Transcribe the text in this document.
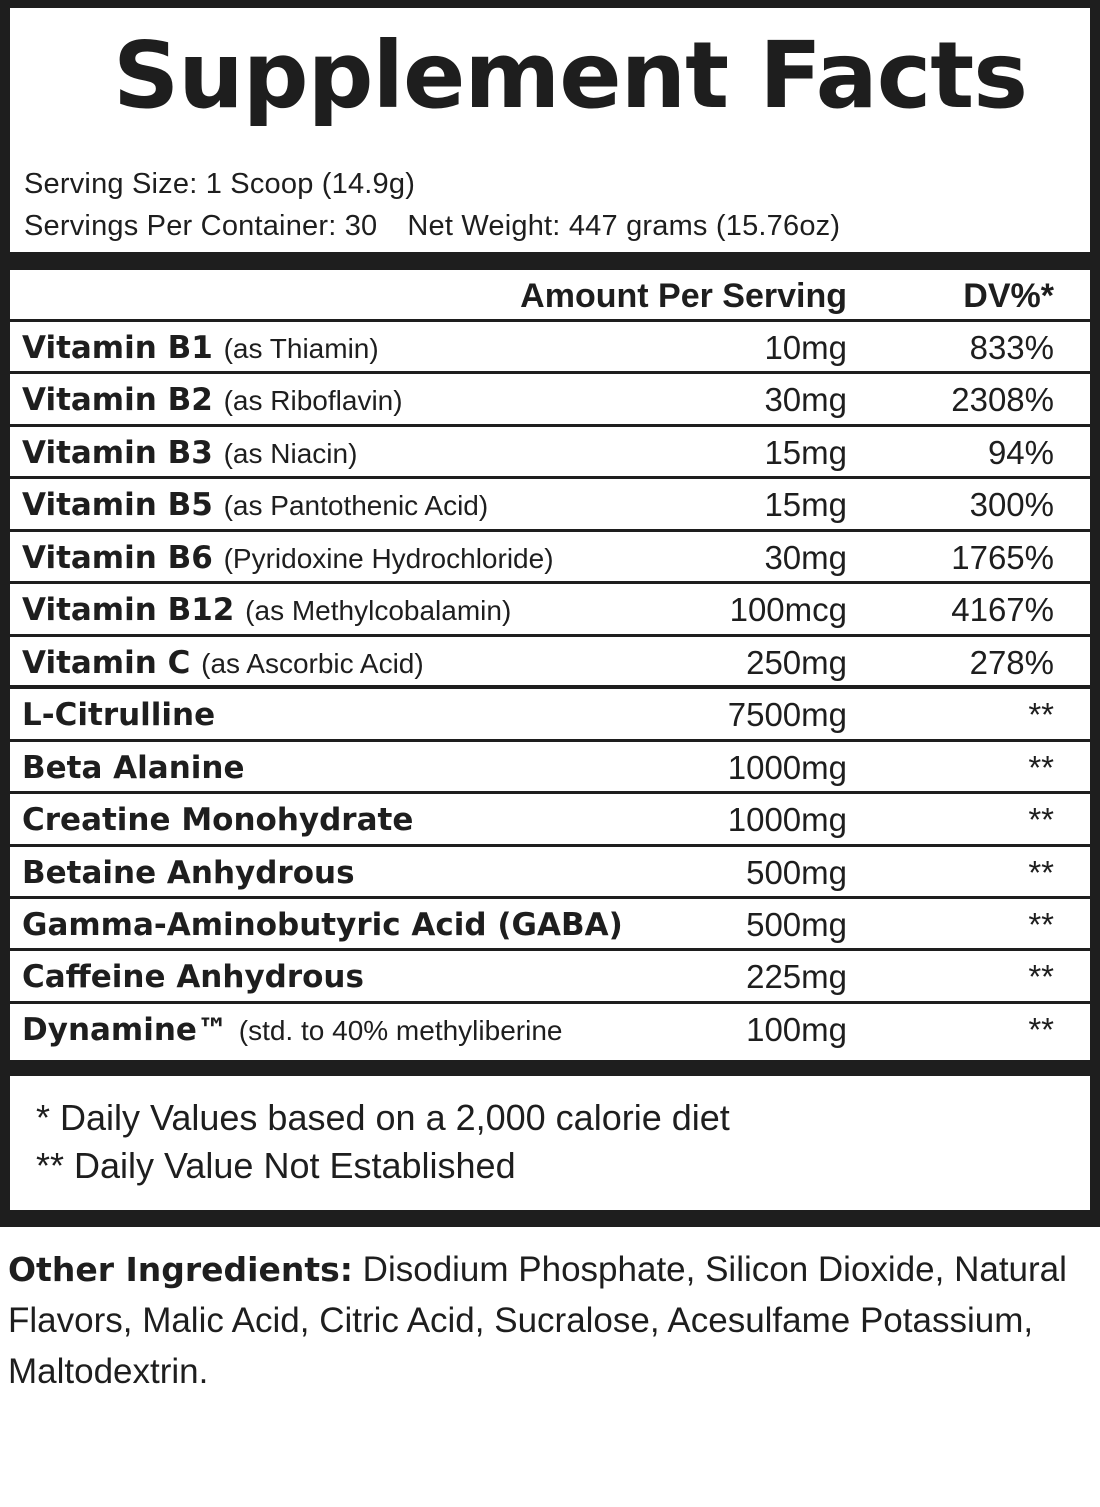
Supplement Facts
Serving Size: 1 Scoop (14.9g)
Servings Per Container: 30 Net Weight: 447 grams (15.76oz)
Amount Per Serving	DV%*
Vitamin B1 (as Thiamin)	10mg	833%
Vitamin B2 (as Riboflavin)	30mg	2308%
Vitamin B3 (as Niacin)	15mg	94%
Vitamin B5 (as Pantothenic Acid)	15mg	300%
Vitamin B6 (Pyridoxine Hydrochloride)	30mg	1765%
Vitamin B12 (as Methylcobalamin)	100mcg	4167%
Vitamin C (as Ascorbic Acid)	250mg	278%
L-Citrulline	7500mg	**
Beta Alanine	1000mg	**
Creatine Monohydrate	1000mg	**
Betaine Anhydrous	500mg	**
Gamma-Aminobutyric Acid (GABA)	500mg	**
Caffeine Anhydrous	225mg	**
Dynamine™ (std. to 40% methyliberine	100mg	**
* Daily Values based on a 2,000 calorie diet
** Daily Value Not Established
Other Ingredients: Disodium Phosphate, Silicon Dioxide, Natural Flavors, Malic Acid, Citric Acid, Sucralose, Acesulfame Potassium, Maltodextrin.
